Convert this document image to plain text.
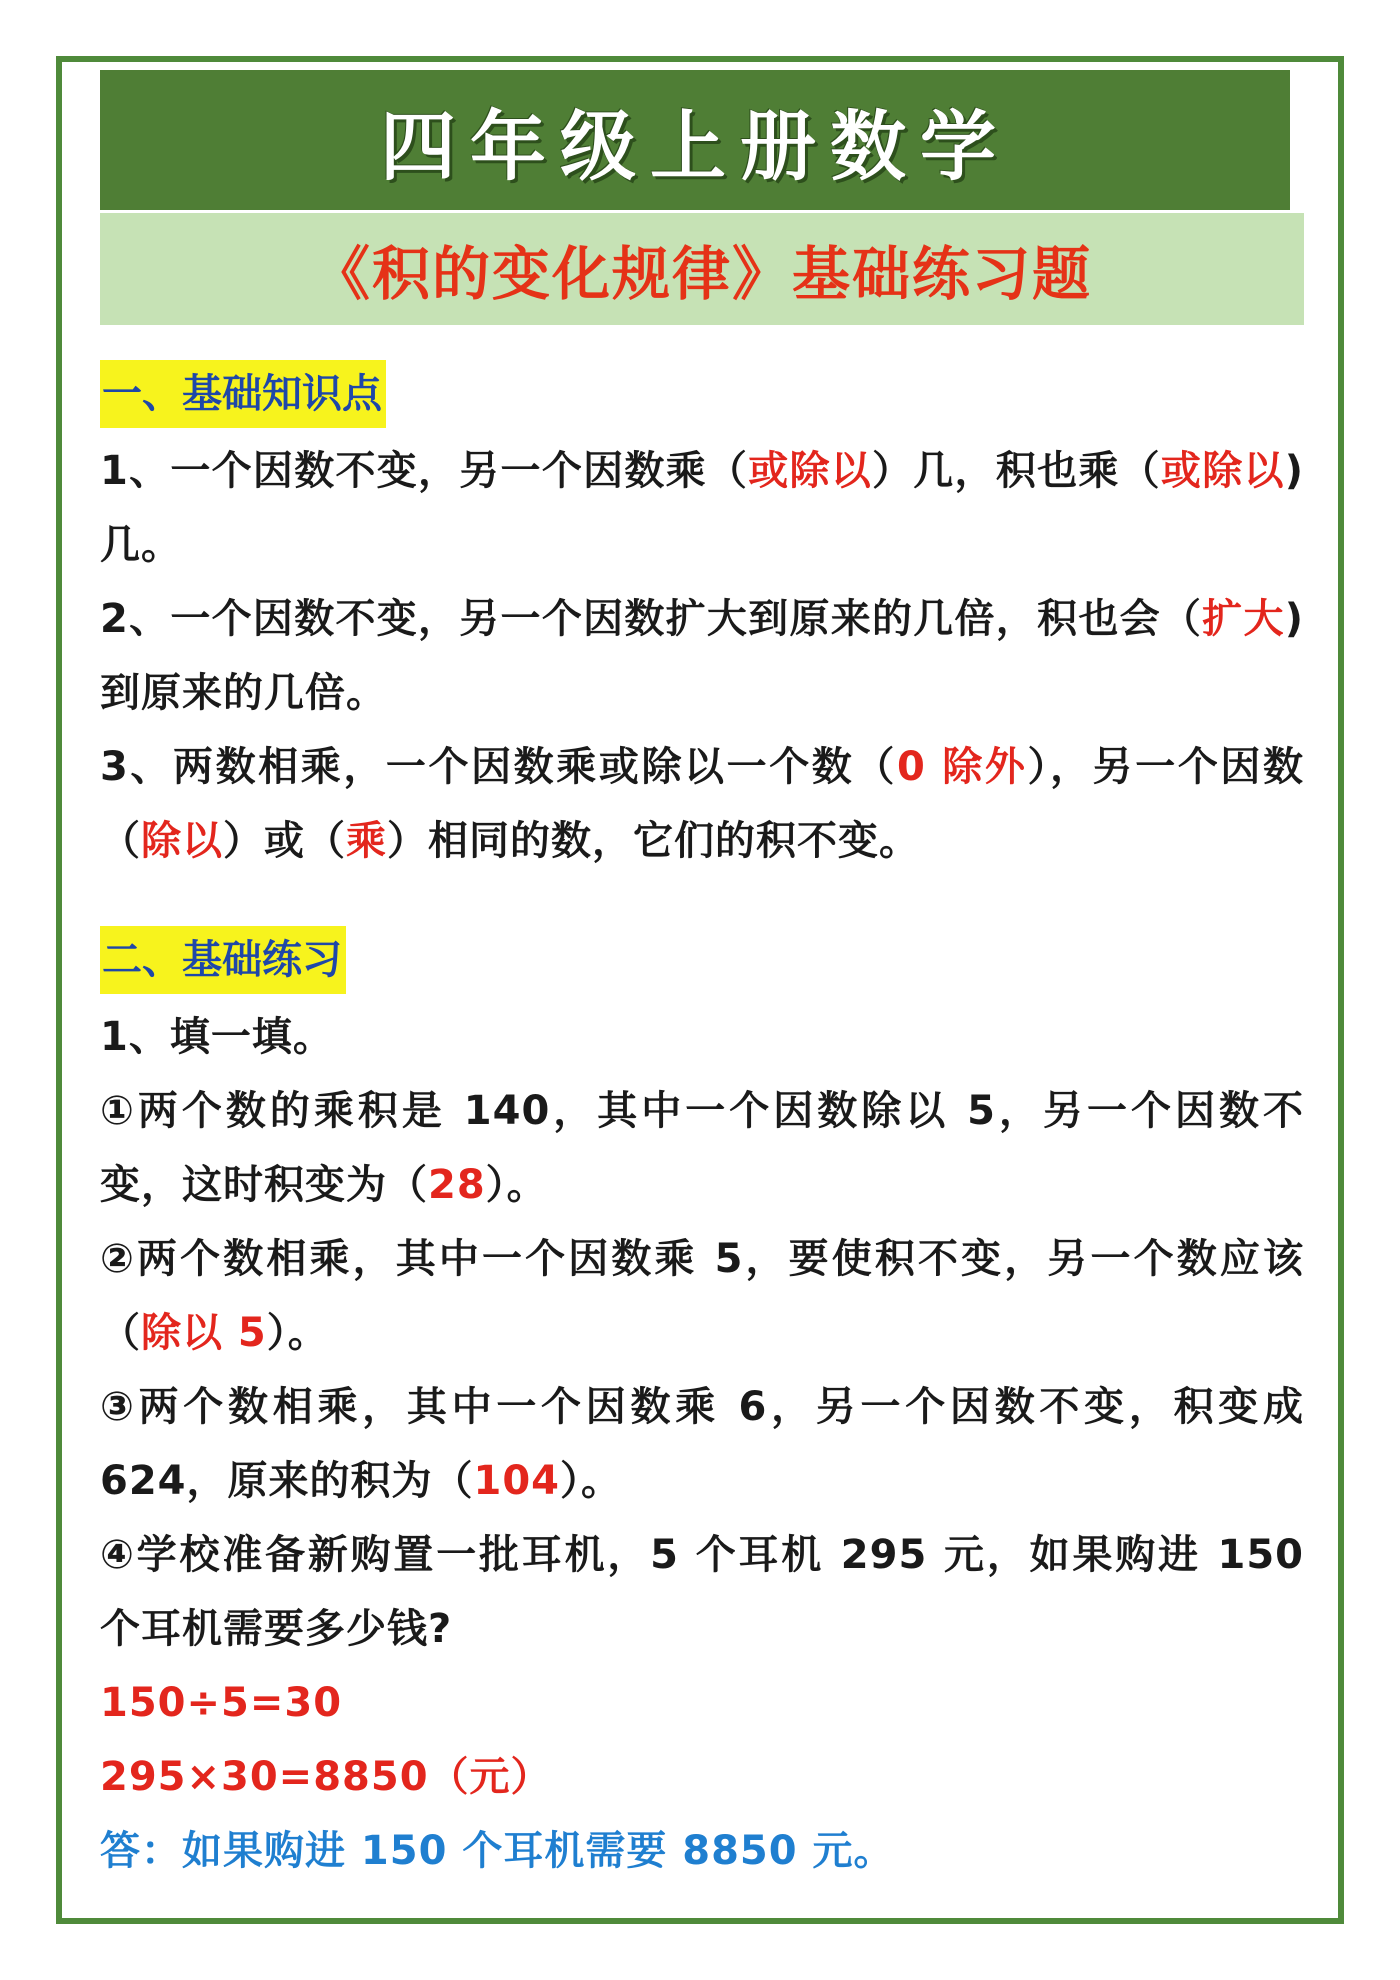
四年级上册数学
《积的变化规律》基础练习题
一、基础知识点
1、一个因数不变，另一个因数乘（或除以）几，积也乘（或除以)几。
2、一个因数不变，另一个因数扩大到原来的几倍，积也会（扩大)到原来的几倍。
3、两数相乘，一个因数乘或除以一个数（0 除外），另一个因数（除以）或（乘）相同的数，它们的积不变。
二、基础练习
1、填一填。
①两个数的乘积是 140，其中一个因数除以 5，另一个因数不变，这时积变为（28）。
②两个数相乘，其中一个因数乘 5，要使积不变，另一个数应该（除以 5）。
③两个数相乘，其中一个因数乘 6，另一个因数不变，积变成 624，原来的积为（104）。
④学校准备新购置一批耳机，5 个耳机 295 元，如果购进 150 个耳机需要多少钱?
150÷5=30
295×30=8850（元）
答：如果购进 150 个耳机需要 8850 元。
